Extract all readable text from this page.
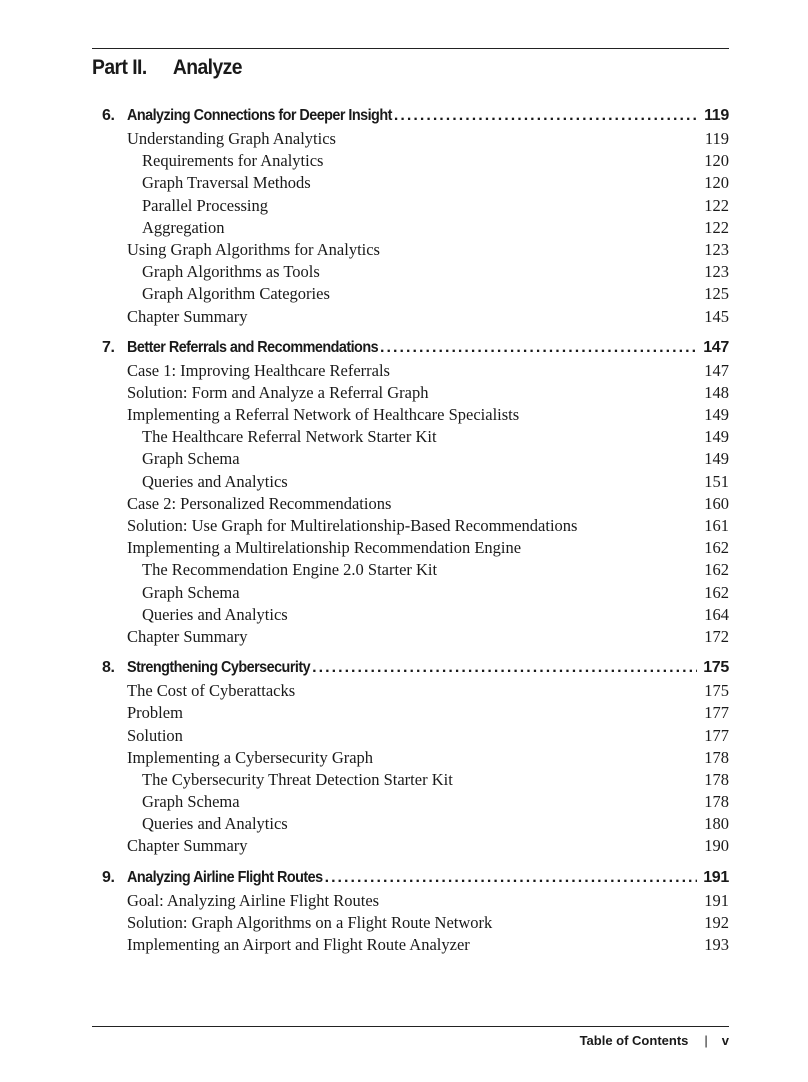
Part II. Analyze
6. Analyzing Connections for Deeper Insight . . .	119
Understanding Graph Analytics	119
Requirements for Analytics	120
Graph Traversal Methods	120
Parallel Processing	122
Aggregation	122
Using Graph Algorithms for Analytics	123
Graph Algorithms as Tools	123
Graph Algorithm Categories	125
Chapter Summary	145
7. Better Referrals and Recommendations . . .	147
Case 1: Improving Healthcare Referrals	147
Solution: Form and Analyze a Referral Graph	148
Implementing a Referral Network of Healthcare Specialists	149
The Healthcare Referral Network Starter Kit	149
Graph Schema	149
Queries and Analytics	151
Case 2: Personalized Recommendations	160
Solution: Use Graph for Multirelationship-Based Recommendations	161
Implementing a Multirelationship Recommendation Engine	162
The Recommendation Engine 2.0 Starter Kit	162
Graph Schema	162
Queries and Analytics	164
Chapter Summary	172
8. Strengthening Cybersecurity . . .	175
The Cost of Cyberattacks	175
Problem	177
Solution	177
Implementing a Cybersecurity Graph	178
The Cybersecurity Threat Detection Starter Kit	178
Graph Schema	178
Queries and Analytics	180
Chapter Summary	190
9. Analyzing Airline Flight Routes . . .	191
Goal: Analyzing Airline Flight Routes	191
Solution: Graph Algorithms on a Flight Route Network	192
Implementing an Airport and Flight Route Analyzer	193
Table of Contents | v
